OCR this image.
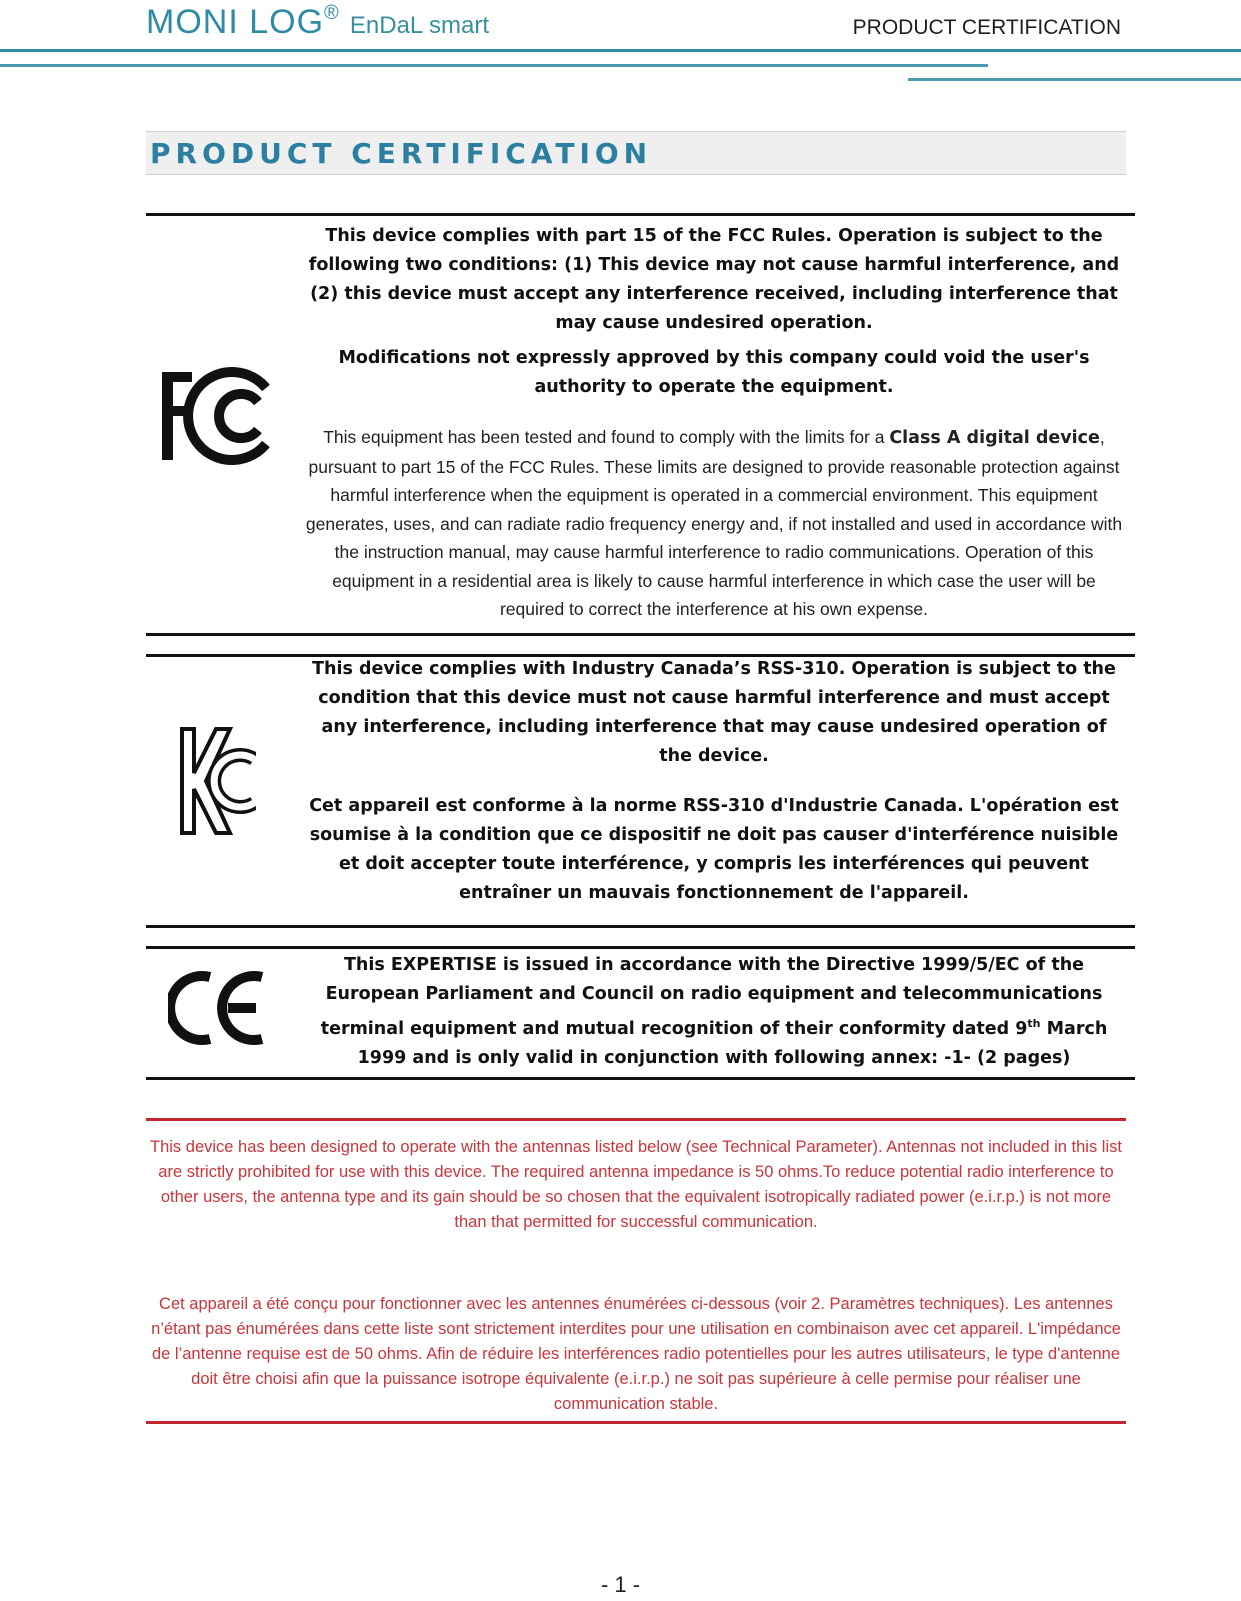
MONI LOG® EnDaL smart	PRODUCT CERTIFICATION
PRODUCT CERTIFICATION

This device complies with part 15 of the FCC Rules. Operation is subject to the following two conditions: (1) This device may not cause harmful interference, and (2) this device must accept any interference received, including interference that may cause undesired operation.

Modifications not expressly approved by this company could void the user's authority to operate the equipment.

This equipment has been tested and found to comply with the limits for a Class A digital device, pursuant to part 15 of the FCC Rules. These limits are designed to provide reasonable protection against harmful interference when the equipment is operated in a commercial environment. This equipment generates, uses, and can radiate radio frequency energy and, if not installed and used in accordance with the instruction manual, may cause harmful interference to radio communications. Operation of this equipment in a residential area is likely to cause harmful interference in which case the user will be required to correct the interference at his own expense.

This device complies with Industry Canada’s RSS-310. Operation is subject to the condition that this device must not cause harmful interference and must accept any interference, including interference that may cause undesired operation of the device.

Cet appareil est conforme à la norme RSS-310 d'Industrie Canada. L'opération est soumise à la condition que ce dispositif ne doit pas causer d'interférence nuisible et doit accepter toute interférence, y compris les interférences qui peuvent entraîner un mauvais fonctionnement de l'appareil.

This EXPERTISE is issued in accordance with the Directive 1999/5/EC of the European Parliament and Council on radio equipment and telecommunications terminal equipment and mutual recognition of their conformity dated 9th March 1999 and is only valid in conjunction with following annex: -1- (2 pages)

This device has been designed to operate with the antennas listed below (see Technical Parameter). Antennas not included in this list are strictly prohibited for use with this device. The required antenna impedance is 50 ohms.To reduce potential radio interference to other users, the antenna type and its gain should be so chosen that the equivalent isotropically radiated power (e.i.r.p.) is not more than that permitted for successful communication.

Cet appareil a été conçu pour fonctionner avec les antennes énumérées ci-dessous (voir 2. Paramètres techniques). Les antennes n’étant pas énumérées dans cette liste sont strictement interdites pour une utilisation en combinaison avec cet appareil. L'impédance de l’antenne requise est de 50 ohms. Afin de réduire les interférences radio potentielles pour les autres utilisateurs, le type d'antenne doit être choisi afin que la puissance isotrope équivalente (e.i.r.p.) ne soit pas supérieure à celle permise pour réaliser une communication stable.

- 1 -
